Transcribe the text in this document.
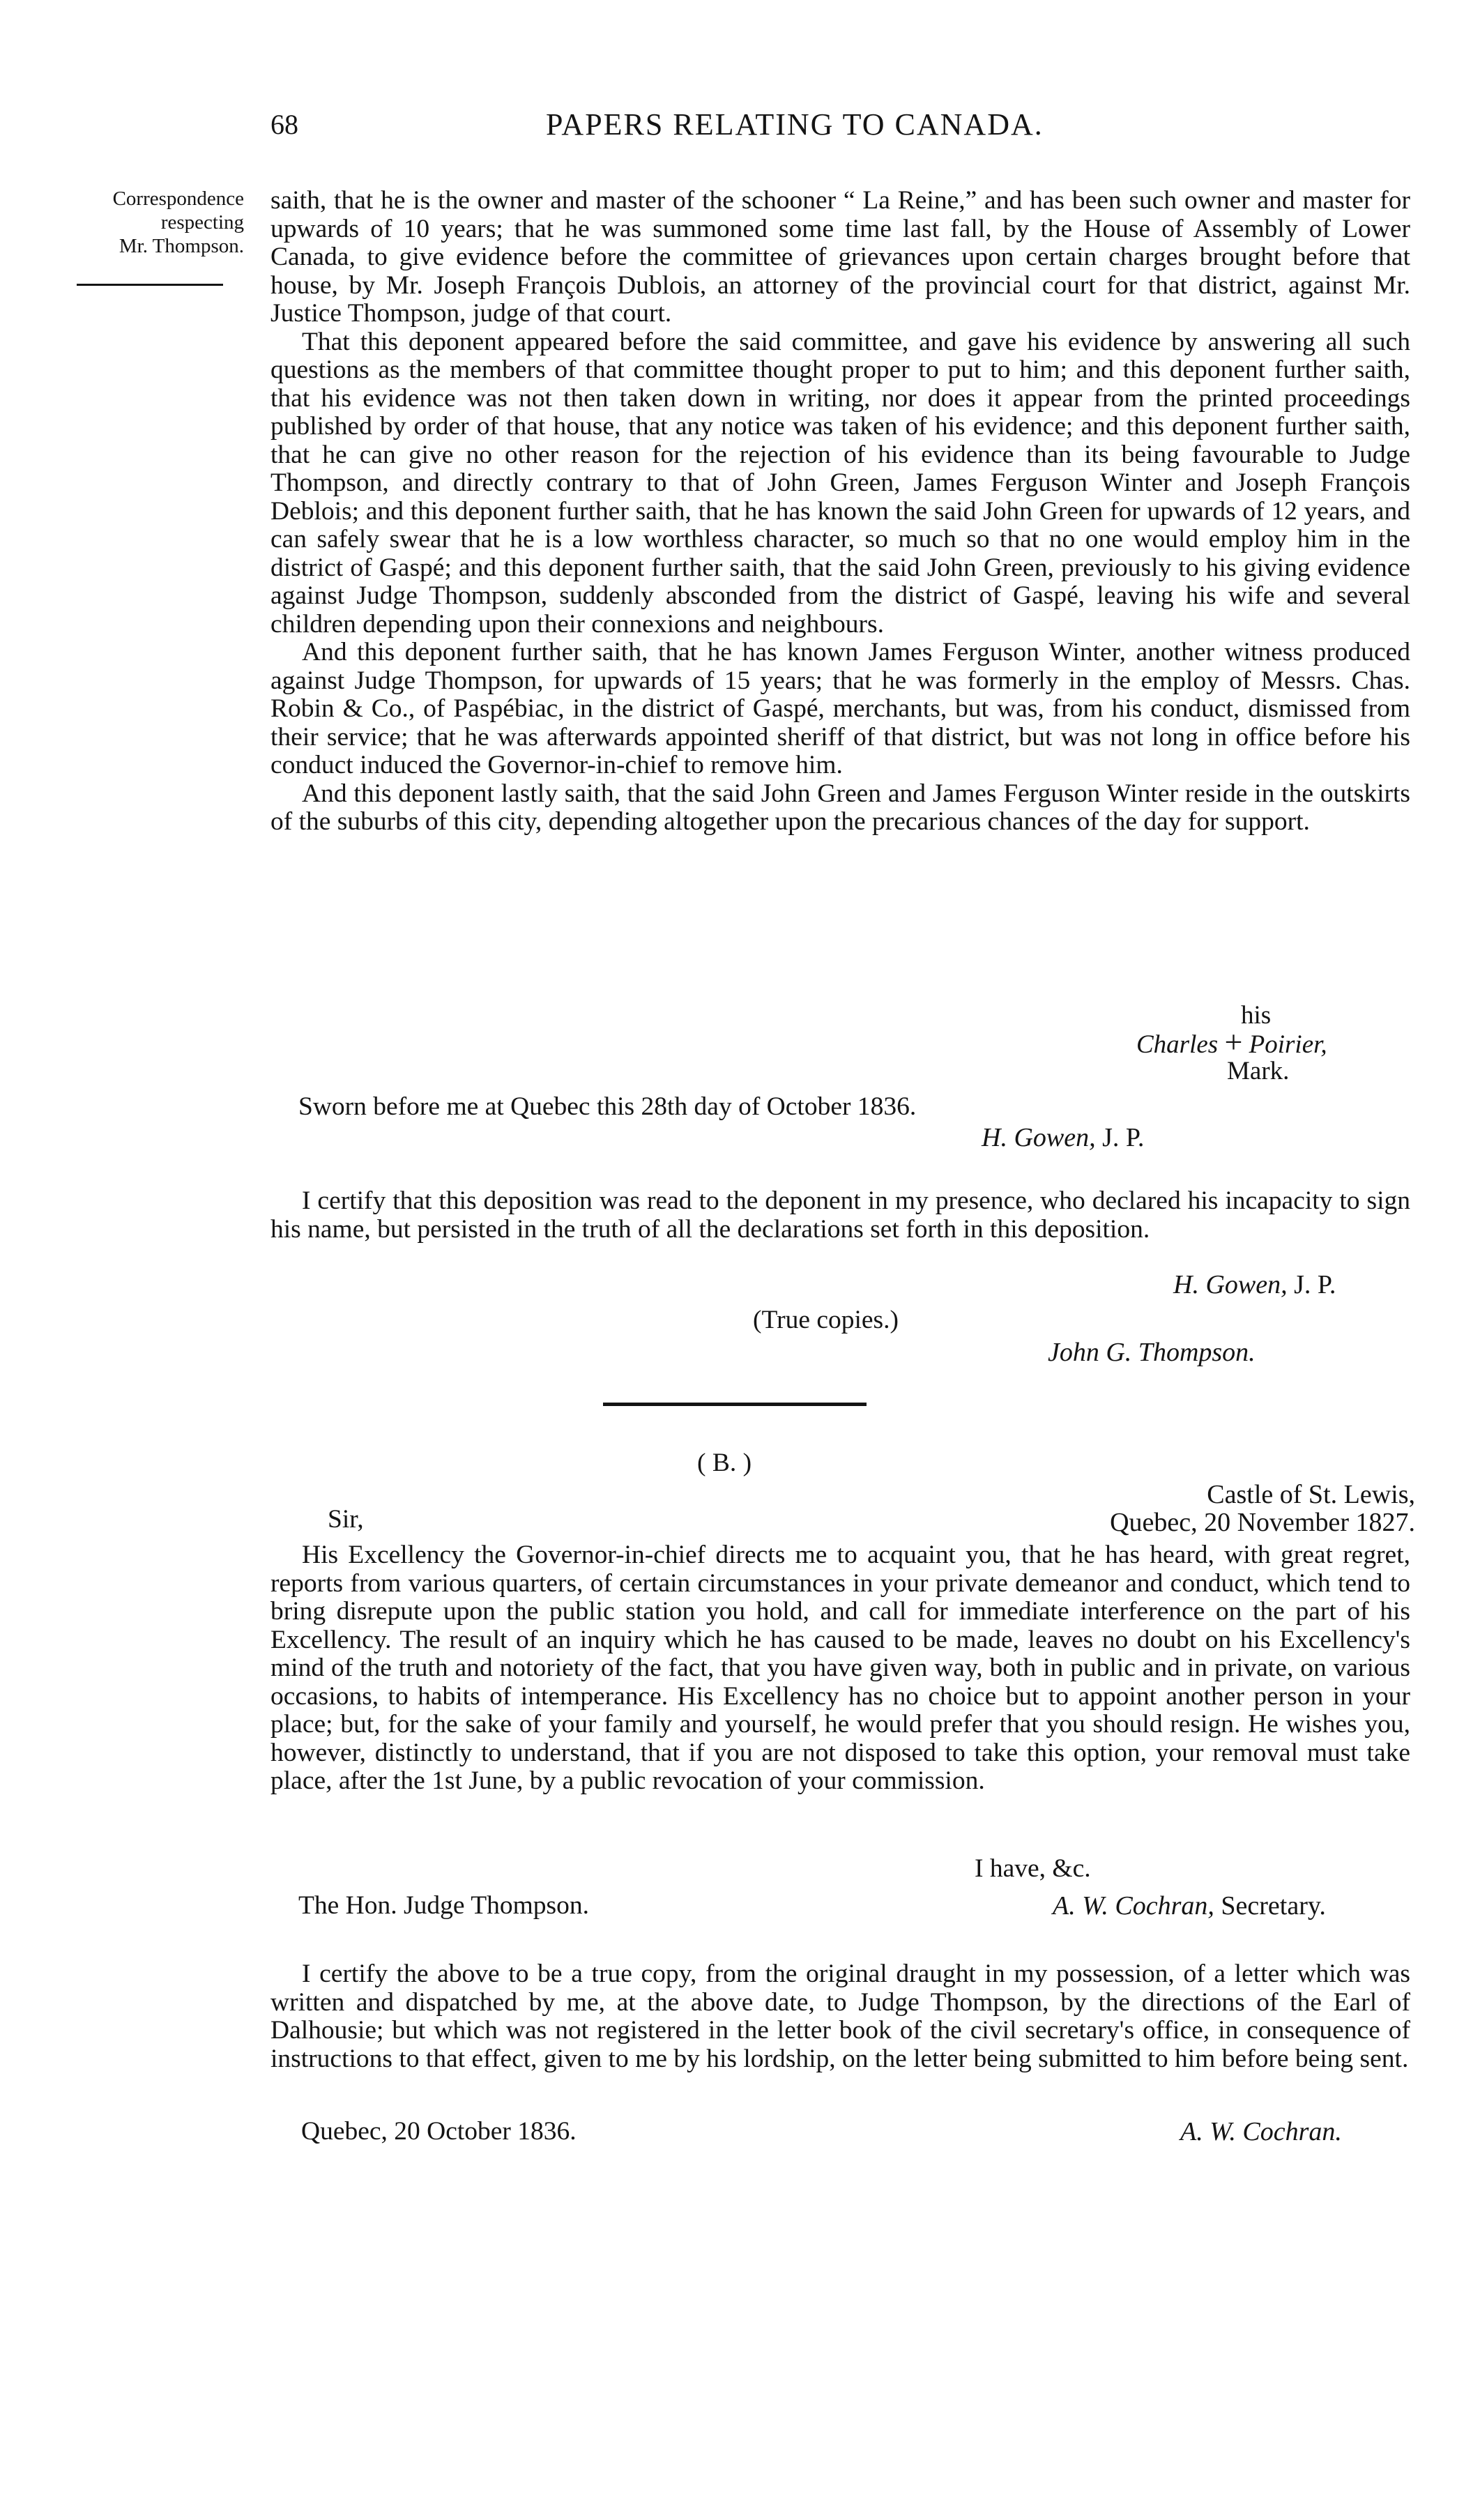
68	PAPERS RELATING TO CANADA.
Correspondence
respecting
Mr. Thompson.

saith, that he is the owner and master of the schooner “ La Reine,” and has been such owner and master for upwards of 10 years; that he was summoned some time last fall, by the House of Assembly of Lower Canada, to give evidence before the committee of grievances upon certain charges brought before that house, by Mr. Joseph François Dublois, an attorney of the provincial court for that district, against Mr. Justice Thompson, judge of that court.

That this deponent appeared before the said committee, and gave his evidence by answering all such questions as the members of that committee thought proper to put to him; and this deponent further saith, that his evidence was not then taken down in writing, nor does it appear from the printed proceedings published by order of that house, that any notice was taken of his evidence; and this deponent further saith, that he can give no other reason for the rejection of his evidence than its being favourable to Judge Thompson, and directly contrary to that of John Green, James Ferguson Winter and Joseph François Deblois; and this deponent further saith, that he has known the said John Green for upwards of 12 years, and can safely swear that he is a low worthless character, so much so that no one would employ him in the district of Gaspé; and this deponent further saith, that the said John Green, previously to his giving evidence against Judge Thompson, suddenly absconded from the district of Gaspé, leaving his wife and several children depending upon their connexions and neighbours.

And this deponent further saith, that he has known James Ferguson Winter, another witness produced against Judge Thompson, for upwards of 15 years; that he was formerly in the employ of Messrs. Chas. Robin & Co., of Paspébiac, in the district of Gaspé, merchants, but was, from his conduct, dismissed from their service; that he was afterwards appointed sheriff of that district, but was not long in office before his conduct induced the Governor-in-chief to remove him.

And this deponent lastly saith, that the said John Green and James Ferguson Winter reside in the outskirts of the suburbs of this city, depending altogether upon the precarious chances of the day for support.

his
Charles + Poirier,
Mark.
Sworn before me at Quebec this 28th day of October 1836.
H. Gowen, J. P.

I certify that this deposition was read to the deponent in my presence, who declared his incapacity to sign his name, but persisted in the truth of all the declarations set forth in this deposition.

H. Gowen, J. P.
(True copies.)
John G. Thompson.
( B. )
Castle of St. Lewis,
Quebec, 20 November 1827.
Sir,

His Excellency the Governor-in-chief directs me to acquaint you, that he has heard, with great regret, reports from various quarters, of certain circumstances in your private demeanor and conduct, which tend to bring disrepute upon the public station you hold, and call for immediate interference on the part of his Excellency. The result of an inquiry which he has caused to be made, leaves no doubt on his Excellency's mind of the truth and notoriety of the fact, that you have given way, both in public and in private, on various occasions, to habits of intemperance. His Excellency has no choice but to appoint another person in your place; but, for the sake of your family and yourself, he would prefer that you should resign. He wishes you, however, distinctly to understand, that if you are not disposed to take this option, your removal must take place, after the 1st June, by a public revocation of your commission.

I have, &c.
The Hon. Judge Thompson.	A. W. Cochran, Secretary.

I certify the above to be a true copy, from the original draught in my possession, of a letter which was written and dispatched by me, at the above date, to Judge Thompson, by the directions of the Earl of Dalhousie; but which was not registered in the letter book of the civil secretary's office, in consequence of instructions to that effect, given to me by his lordship, on the letter being submitted to him before being sent.

Quebec, 20 October 1836.	A. W. Cochran.
